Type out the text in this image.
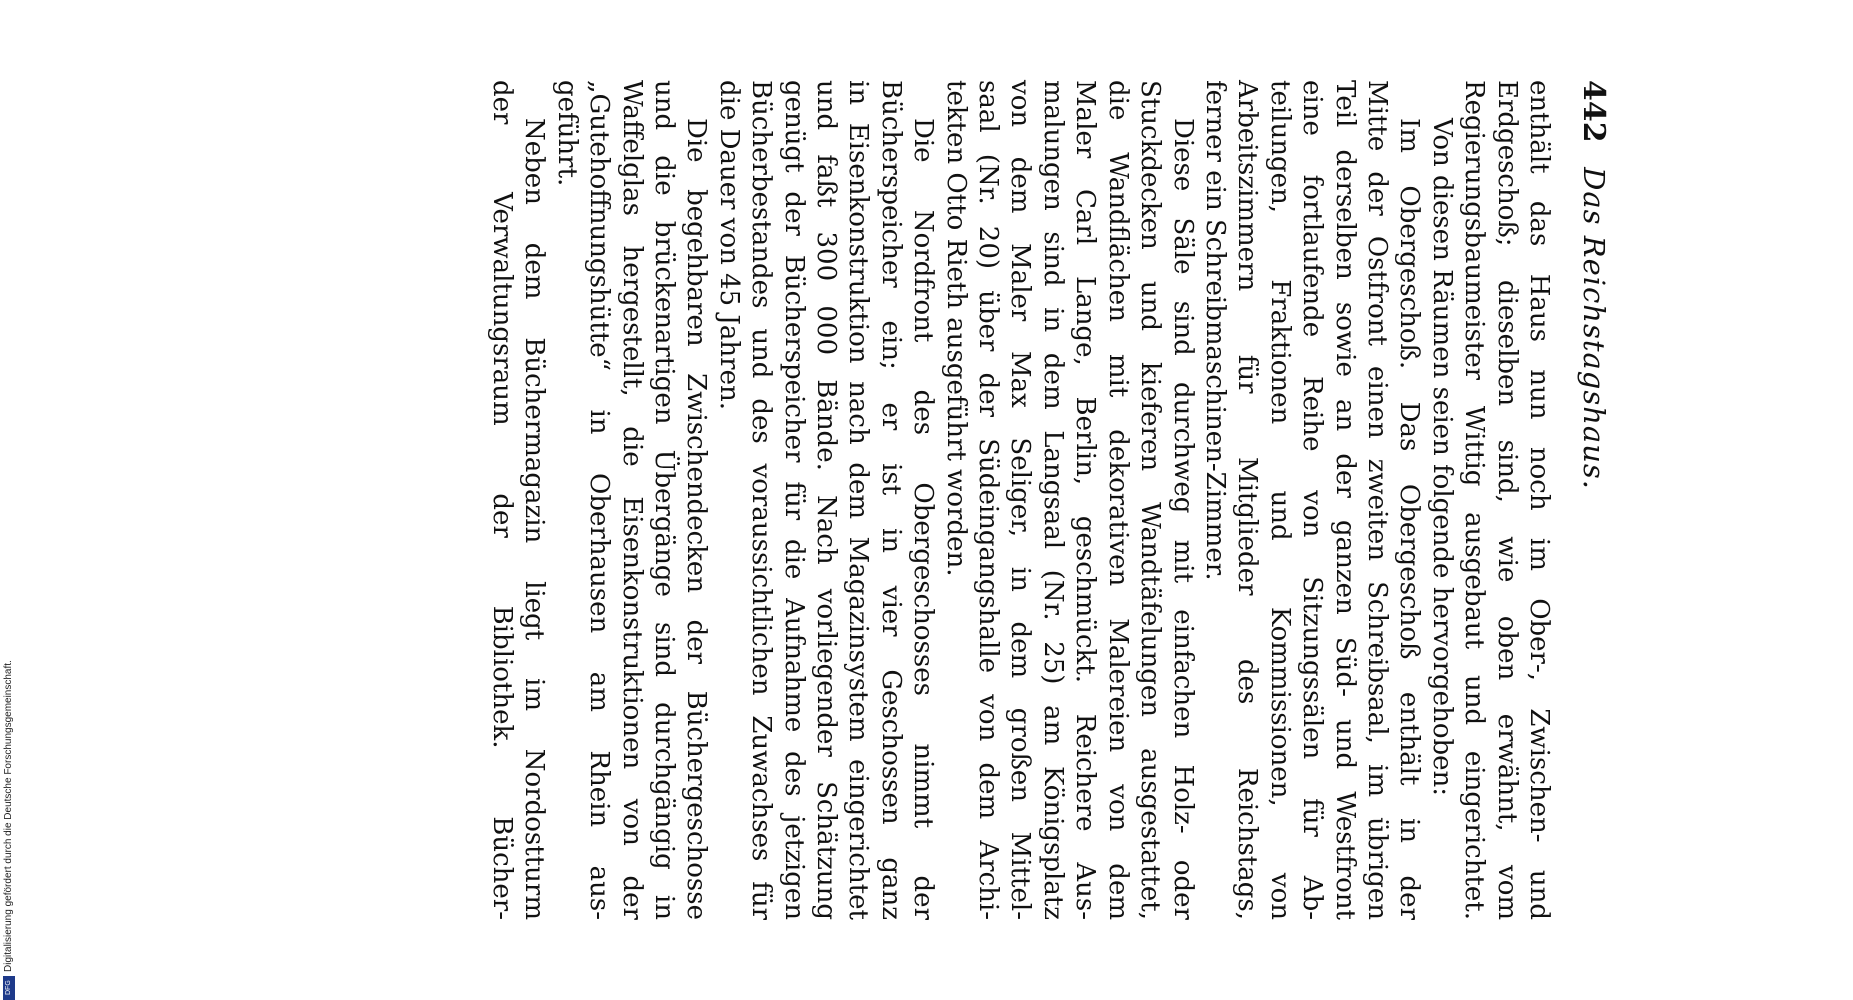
DFG
Digitalisierung gefördert durch die Deutsche Forschungsgemeinschaft.
442
Das Reichstagshaus.
enthält das Haus nun noch im Ober-, Zwischen- und
Erdgeschoß; dieselben sind, wie oben erwähnt, vom
Regierungsbaumeister Wittig ausgebaut und eingerichtet.
Von diesen Räumen seien folgende hervorgehoben:
Im Obergeschoß. Das Obergeschoß enthält in der
Mitte der Ostfront einen zweiten Schreibsaal, im übrigen
Teil derselben sowie an der ganzen Süd- und Westfront
eine fortlaufende Reihe von Sitzungssälen für Ab-
teilungen, Fraktionen und Kommissionen, von
Arbeitszimmern für Mitglieder des Reichstags,
ferner ein Schreibmaschinen-Zimmer.
Diese Säle sind durchweg mit einfachen Holz- oder
Stuckdecken und kieferen Wandtäfelungen ausgestattet,
die Wandflächen mit dekorativen Malereien von dem
Maler Carl Lange, Berlin, geschmückt. Reichere Aus-
malungen sind in dem Langsaal (Nr. 25) am Königsplatz
von dem Maler Max Seliger, in dem großen Mittel-
saal (Nr. 20) über der Südeingangshalle von dem Archi-
tekten Otto Rieth ausgeführt worden.
Die Nordfront des Obergeschosses nimmt der
Bücherspeicher ein; er ist in vier Geschossen ganz
in Eisenkonstruktion nach dem Magazinsystem eingerichtet
und faßt 300 000 Bände. Nach vorliegender Schätzung
genügt der Bücherspeicher für die Aufnahme des jetzigen
Bücherbestandes und des voraussichtlichen Zuwachses für
die Dauer von 45 Jahren.
Die begehbaren Zwischendecken der Büchergeschosse
und die brückenartigen Übergänge sind durchgängig in
Waffelglas hergestellt, die Eisenkonstruktionen von der
„Gutehoffnungshütte“ in Oberhausen am Rhein aus-
geführt.
Neben dem Büchermagazin liegt im Nordostturm
der Verwaltungsraum der Bibliothek. Bücher-
